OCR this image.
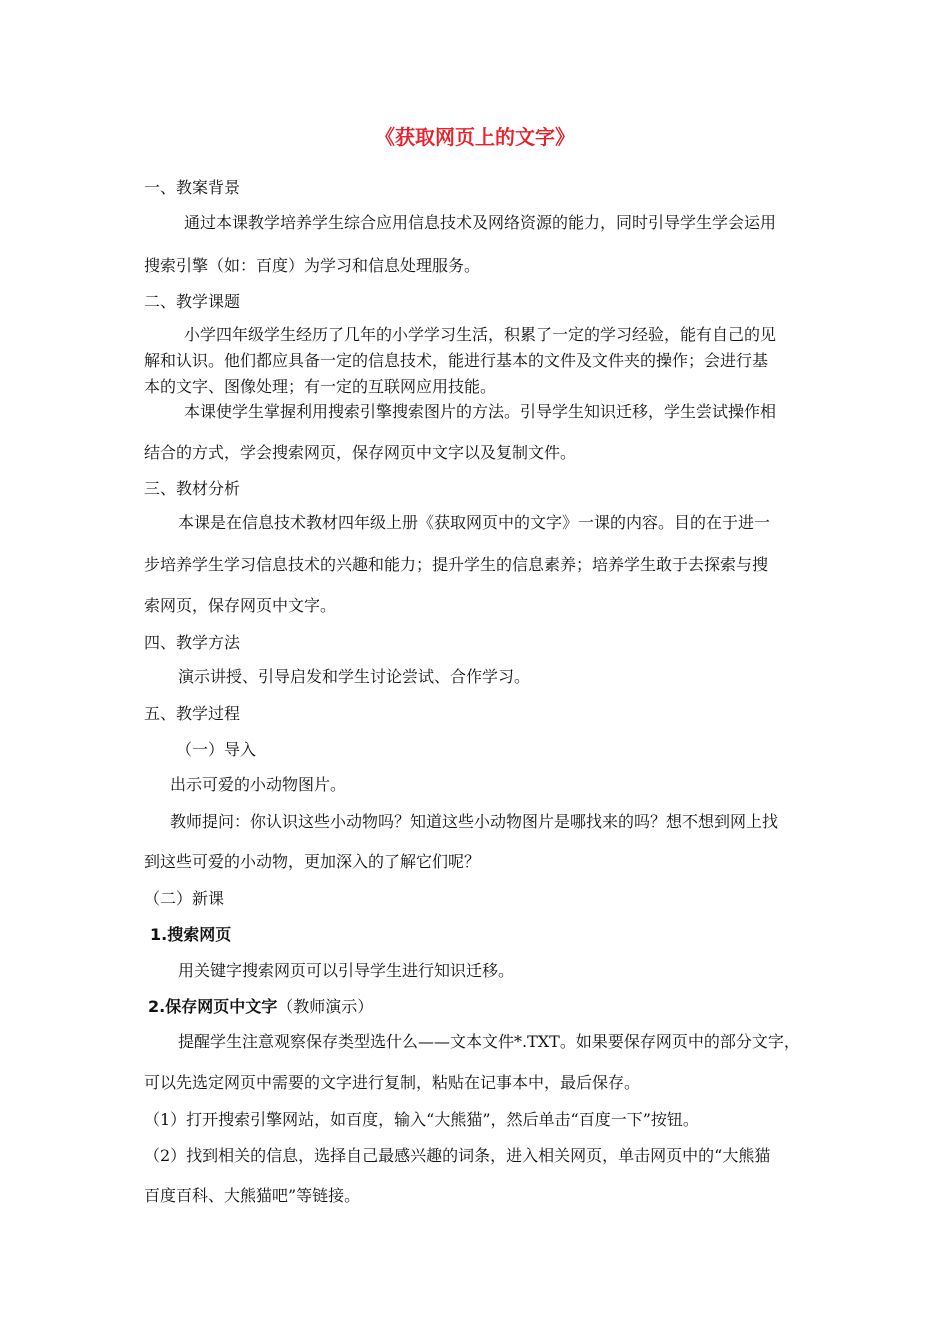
《获取网页上的文字》
一、教案背景
通过本课教学培养学生综合应用信息技术及网络资源的能力，同时引导学生学会运用
搜索引擎（如：百度）为学习和信息处理服务。
二、教学课题
小学四年级学生经历了几年的小学学习生活，积累了一定的学习经验，能有自己的见
解和认识。他们都应具备一定的信息技术，能进行基本的文件及文件夹的操作；会进行基
本的文字、图像处理；有一定的互联网应用技能。
本课使学生掌握利用搜索引擎搜索图片的方法。引导学生知识迁移，学生尝试操作相
结合的方式，学会搜索网页，保存网页中文字以及复制文件。
三、教材分析
本课是在信息技术教材四年级上册《获取网页中的文字》一课的内容。目的在于进一
步培养学生学习信息技术的兴趣和能力；提升学生的信息素养；培养学生敢于去探索与搜
索网页，保存网页中文字。
四、教学方法
演示讲授、引导启发和学生讨论尝试、合作学习。
五、教学过程
（一）导入
出示可爱的小动物图片。
教师提问：你认识这些小动物吗？知道这些小动物图片是哪找来的吗？想不想到网上找
到这些可爱的小动物，更加深入的了解它们呢？
（二）新课
1.搜索网页
用关键字搜索网页可以引导学生进行知识迁移。
2.保存网页中文字（教师演示）
提醒学生注意观察保存类型选什么——文本文件*.TXT。如果要保存网页中的部分文字，
可以先选定网页中需要的文字进行复制，粘贴在记事本中，最后保存。
（1）打开搜索引擎网站，如百度，输入“大熊猫”，然后单击“百度一下”按钮。
（2）找到相关的信息，选择自己最感兴趣的词条，进入相关网页，单击网页中的“大熊猫
百度百科、大熊猫吧”等链接。
